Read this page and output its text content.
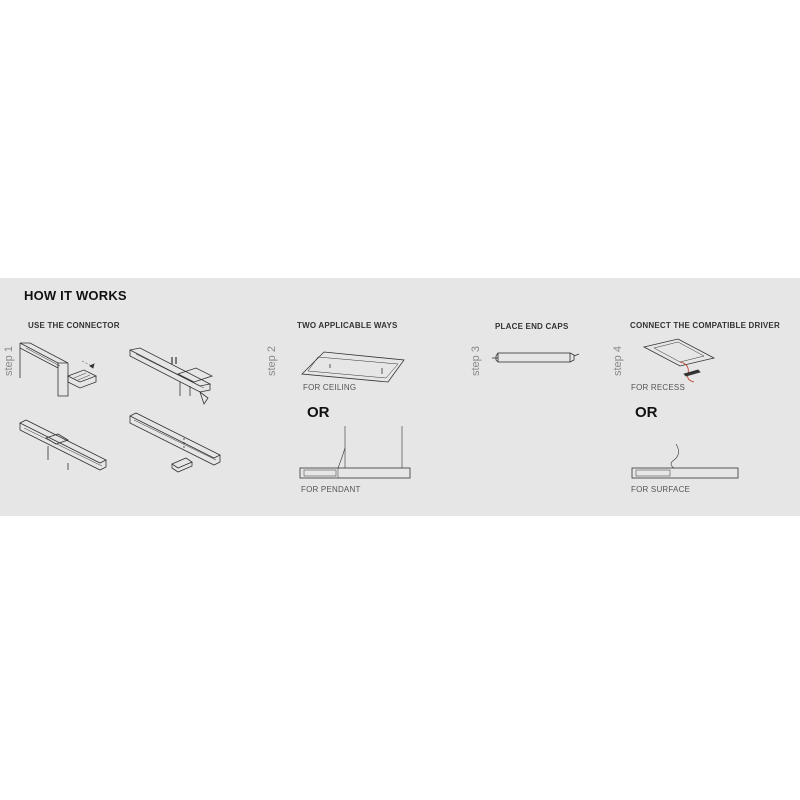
HOW IT WORKS
USE THE CONNECTOR	TWO APPLICABLE WAYS	PLACE END CAPS	CONNECT THE COMPATIBLE DRIVER
step 1	step 2	step 3	step 4
FOR CEILING
OR
FOR PENDANT
FOR RECESS
OR
FOR SURFACE
